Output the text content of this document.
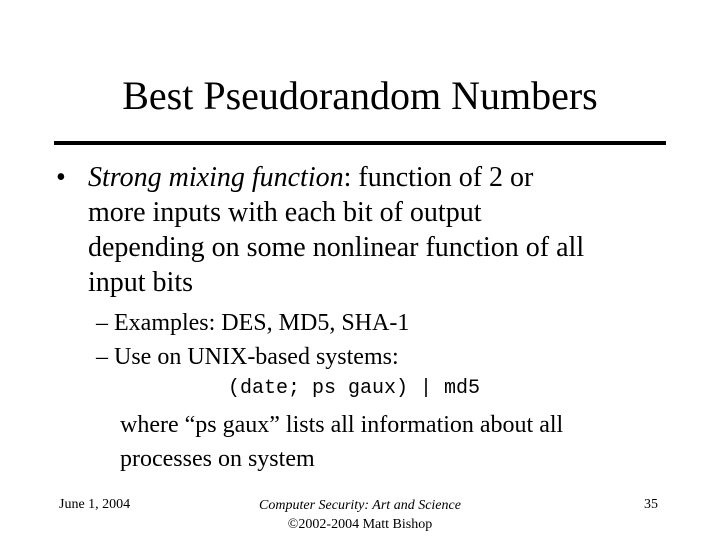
Best Pseudorandom Numbers
• Strong mixing function: function of 2 or
more inputs with each bit of output
depending on some nonlinear function of all
input bits
– Examples: DES, MD5, SHA-1
– Use on UNIX-based systems:
(date; ps gaux) | md5
where “ps gaux” lists all information about all
processes on system
June 1, 2004	Computer Security: Art and Science
©2002-2004 Matt Bishop
35
